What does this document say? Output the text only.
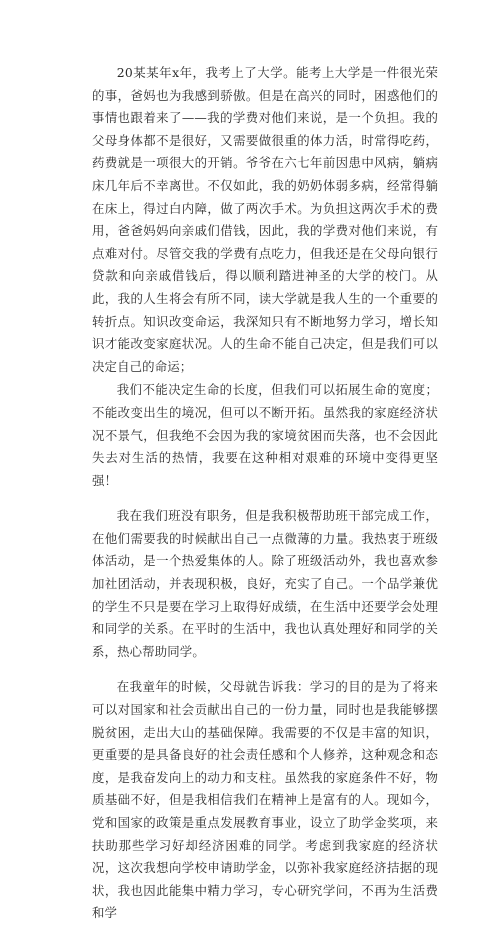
20某某年x年，我考上了大学。能考上大学是一件很光荣的事，爸妈也为我感到骄傲。但是在高兴的同时，困惑他们的事情也跟着来了——我的学费对他们来说，是一个负担。我的父母身体都不是很好，又需要做很重的体力活，时常得吃药，药费就是一项很大的开销。爷爷在六七年前因患中风病，躺病床几年后不幸离世。不仅如此，我的奶奶体弱多病，经常得躺在床上，得过白内障，做了两次手术。为负担这两次手术的费用，爸爸妈妈向亲戚们借钱，因此，我的学费对他们来说，有点难对付。尽管交我的学费有点吃力，但我还是在父母向银行贷款和向亲戚借钱后，得以顺利踏进神圣的大学的校门。从此，我的人生将会有所不同，读大学就是我人生的一个重要的转折点。知识改变命运，我深知只有不断地努力学习，增长知识才能改变家庭状况。人的生命不能自己决定，但是我们可以决定自己的命运；

我们不能决定生命的长度，但我们可以拓展生命的宽度；不能改变出生的境况，但可以不断开拓。虽然我的家庭经济状况不景气，但我绝不会因为我的家境贫困而失落，也不会因此失去对生活的热情，我要在这种相对艰难的环境中变得更坚强！

我在我们班没有职务，但是我积极帮助班干部完成工作，在他们需要我的时候献出自己一点微薄的力量。我热衷于班级体活动，是一个热爱集体的人。除了班级活动外，我也喜欢参加社团活动，并表现积极，良好，充实了自己。一个品学兼优的学生不只是要在学习上取得好成绩，在生活中还要学会处理和同学的关系。在平时的生活中，我也认真处理好和同学的关系，热心帮助同学。

在我童年的时候，父母就告诉我：学习的目的是为了将来可以对国家和社会贡献出自己的一份力量，同时也是我能够摆脱贫困，走出大山的基础保障。我需要的不仅是丰富的知识，更重要的是具备良好的社会责任感和个人修养，这种观念和态度，是我奋发向上的动力和支柱。虽然我的家庭条件不好，物质基础不好，但是我相信我们在精神上是富有的人。现如今，党和国家的政策是重点发展教育事业，设立了助学金奖项，来扶助那些学习好却经济困难的同学。考虑到我家庭的经济状况，这次我想向学校申请助学金，以弥补我家庭经济拮据的现状，我也因此能集中精力学习，专心研究学问，不再为生活费和学
